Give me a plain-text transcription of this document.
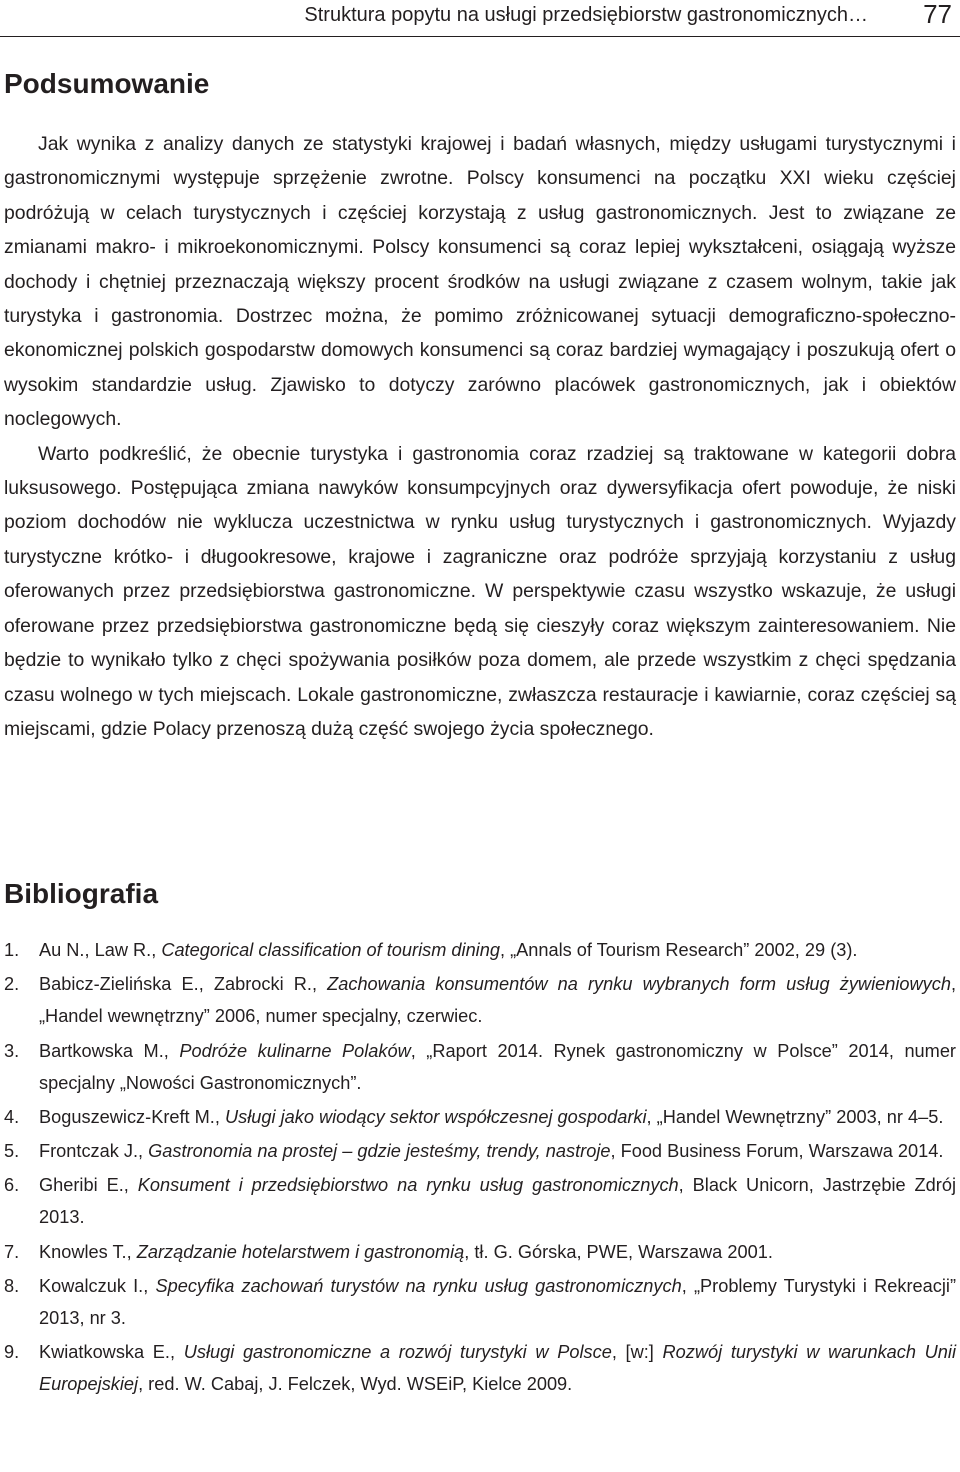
Struktura popytu na usługi przedsiębiorstw gastronomicznych… 77
Podsumowanie

Jak wynika z analizy danych ze statystyki krajowej i badań własnych, między usługami turystycznymi i gastronomicznymi występuje sprzężenie zwrotne. Polscy konsumenci na początku XXI wieku częściej podróżują w celach turystycznych i częściej korzystają z usług gastronomicznych. Jest to związane ze zmianami makro- i mikroekonomicznymi. Polscy konsumenci są coraz lepiej wykształceni, osiągają wyższe dochody i chętniej przeznaczają większy procent środków na usługi związane z czasem wolnym, takie jak turystyka i gastronomia. Dostrzec można, że pomimo zróżnicowanej sytuacji demograficzno-społeczno-ekonomicznej polskich gospodarstw domowych konsumenci są coraz bardziej wymagający i poszukują ofert o wysokim standardzie usług. Zjawisko to dotyczy zarówno placówek gastronomicznych, jak i obiektów noclegowych.

Warto podkreślić, że obecnie turystyka i gastronomia coraz rzadziej są traktowane w kategorii dobra luksusowego. Postępująca zmiana nawyków konsumpcyjnych oraz dywersyfikacja ofert powoduje, że niski poziom dochodów nie wyklucza uczestnictwa w rynku usług turystycznych i gastronomicznych. Wyjazdy turystyczne krótko- i długookresowe, krajowe i zagraniczne oraz podróże sprzyjają korzystaniu z usług oferowanych przez przedsiębiorstwa gastronomiczne. W perspektywie czasu wszystko wskazuje, że usługi oferowane przez przedsiębiorstwa gastronomiczne będą się cieszyły coraz większym zainteresowaniem. Nie będzie to wynikało tylko z chęci spożywania posiłków poza domem, ale przede wszystkim z chęci spędzania czasu wolnego w tych miejscach. Lokale gastronomiczne, zwłaszcza restauracje i kawiarnie, coraz częściej są miejscami, gdzie Polacy przenoszą dużą część swojego życia społecznego.

Bibliografia
1. Au N., Law R., Categorical classification of tourism dining, „Annals of Tourism Research” 2002, 29 (3).
2. Babicz-Zielińska E., Zabrocki R., Zachowania konsumentów na rynku wybranych form usług żywieniowych, „Handel wewnętrzny” 2006, numer specjalny, czerwiec.
3. Bartkowska M., Podróże kulinarne Polaków, „Raport 2014. Rynek gastronomiczny w Polsce” 2014, numer specjalny „Nowości Gastronomicznych”.
4. Boguszewicz-Kreft M., Usługi jako wiodący sektor współczesnej gospodarki, „Handel Wewnętrzny” 2003, nr 4–5.
5. Frontczak J., Gastronomia na prostej – gdzie jesteśmy, trendy, nastroje, Food Business Forum, Warszawa 2014.
6. Gheribi E., Konsument i przedsiębiorstwo na rynku usług gastronomicznych, Black Unicorn, Jastrzębie Zdrój 2013.
7. Knowles T., Zarządzanie hotelarstwem i gastronomią, tł. G. Górska, PWE, Warszawa 2001.
8. Kowalczuk I., Specyfika zachowań turystów na rynku usług gastronomicznych, „Problemy Turystyki i Rekreacji” 2013, nr 3.
9. Kwiatkowska E., Usługi gastronomiczne a rozwój turystyki w Polsce, [w:] Rozwój turystyki w warunkach Unii Europejskiej, red. W. Cabaj, J. Felczek, Wyd. WSEiP, Kielce 2009.
